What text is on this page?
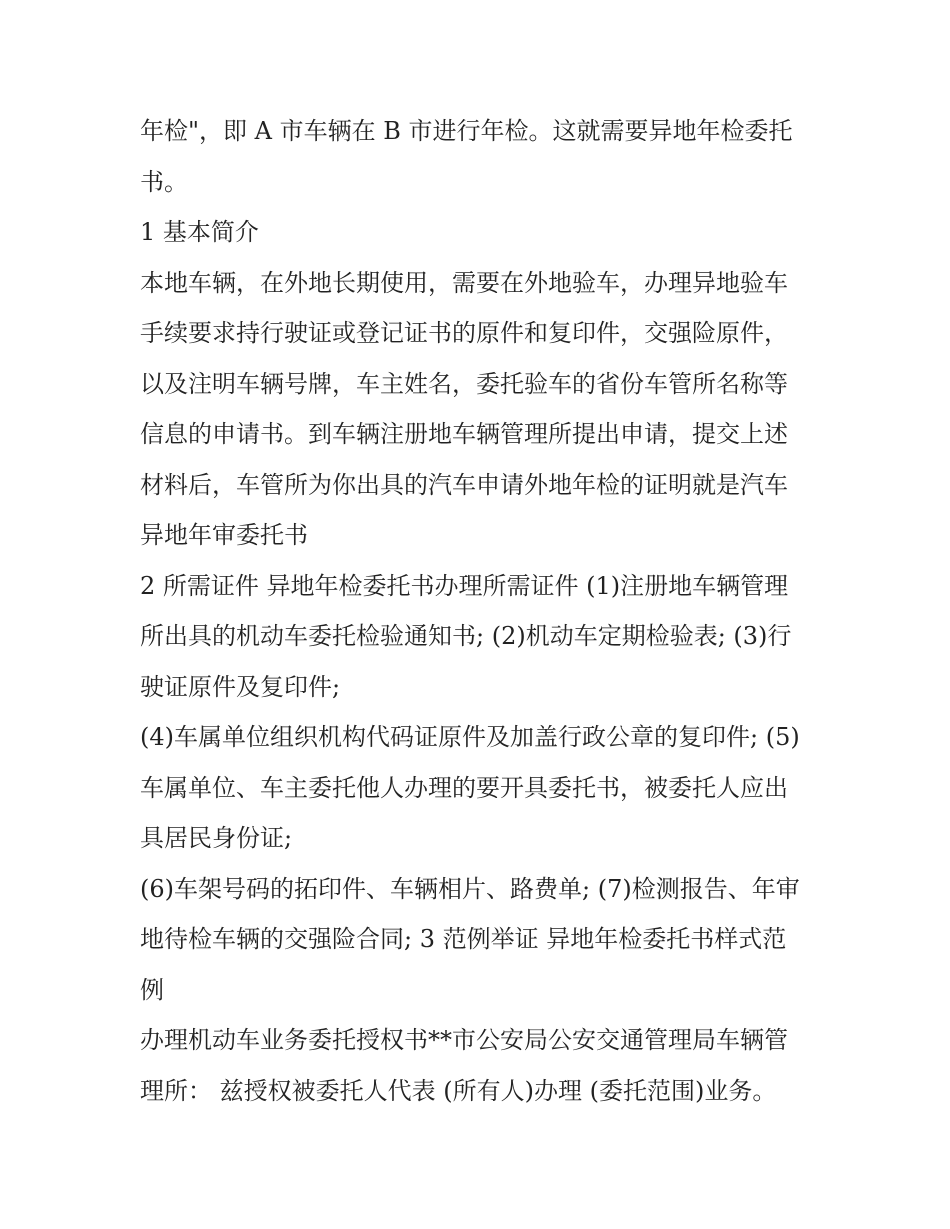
年检"，即 A 市车辆在 B 市进行年检。这就需要异地年检委托
书。
1 基本简介
本地车辆，在外地长期使用，需要在外地验车，办理异地验车
手续要求持行驶证或登记证书的原件和复印件，交强险原件，
以及注明车辆号牌，车主姓名，委托验车的省份车管所名称等
信息的申请书。到车辆注册地车辆管理所提出申请，提交上述
材料后，车管所为你出具的汽车申请外地年检的证明就是汽车
异地年审委托书
2 所需证件 异地年检委托书办理所需证件 (1)注册地车辆管理
所出具的机动车委托检验通知书; (2)机动车定期检验表; (3)行
驶证原件及复印件;
(4)车属单位组织机构代码证原件及加盖行政公章的复印件; (5)
车属单位、车主委托他人办理的要开具委托书，被委托人应出
具居民身份证;
(6)车架号码的拓印件、车辆相片、路费单; (7)检测报告、年审
地待检车辆的交强险合同; 3 范例举证 异地年检委托书样式范
例
办理机动车业务委托授权书**市公安局公安交通管理局车辆管
理所： 兹授权被委托人代表 (所有人)办理 (委托范围)业务。
